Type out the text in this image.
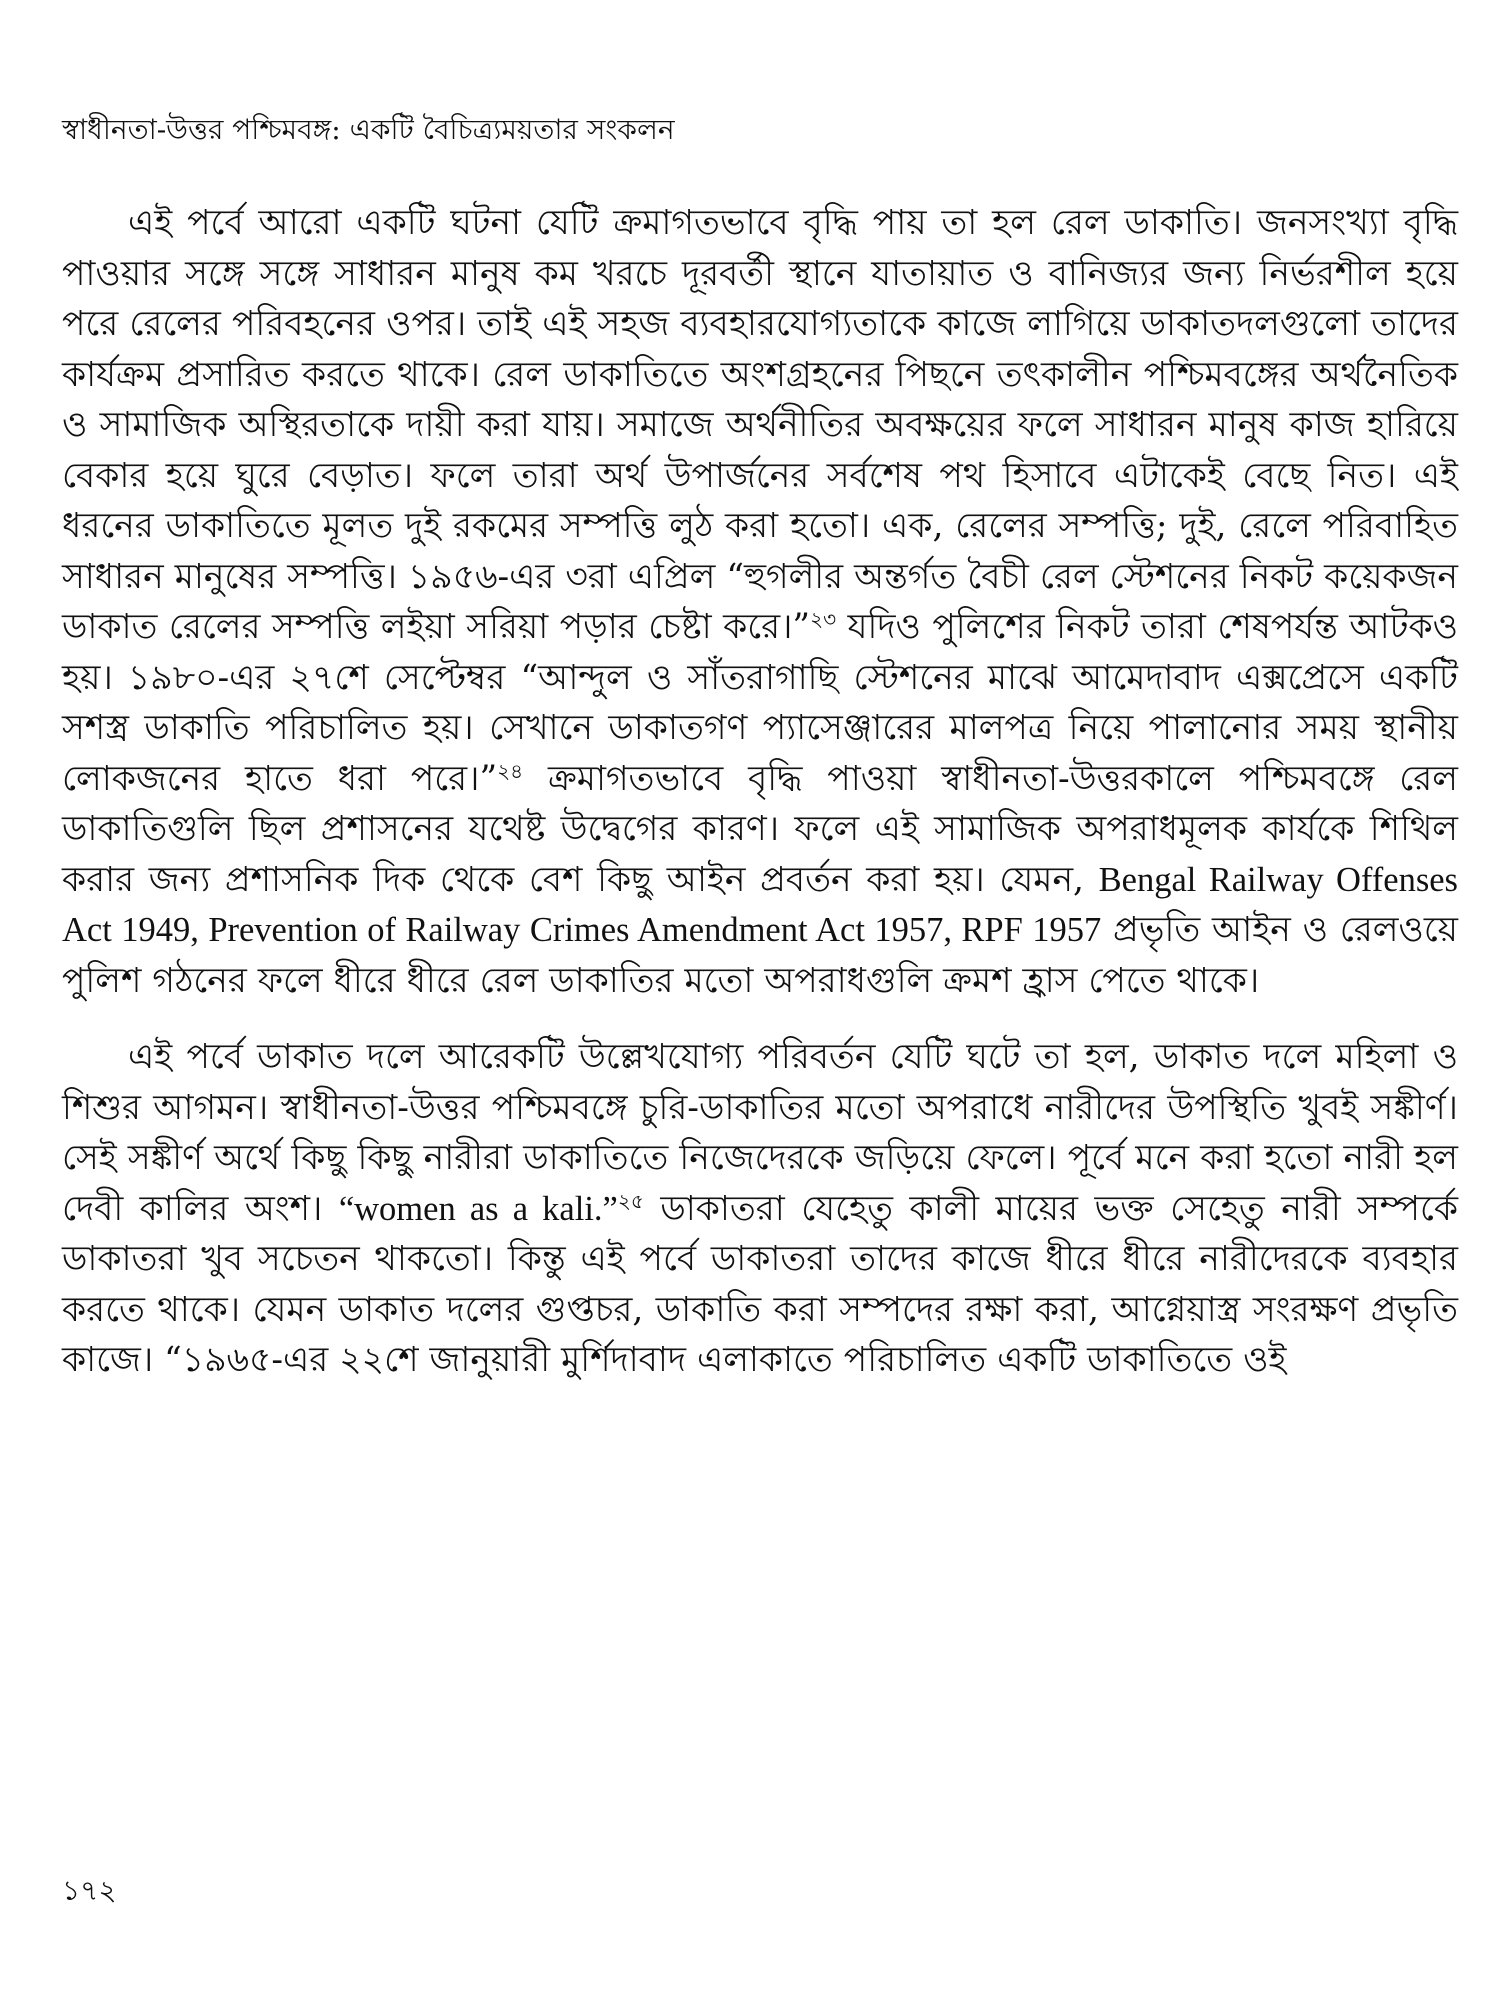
স্বাধীনতা-উত্তর পশ্চিমবঙ্গ: একটি বৈচিত্র্যময়তার সংকলন

এই পর্বে আরো একটি ঘটনা যেটি ক্রমাগতভাবে বৃদ্ধি পায় তা হল রেল ডাকাতি। জনসংখ্যা বৃদ্ধি পাওয়ার সঙ্গে সঙ্গে সাধারন মানুষ কম খরচে দূরবর্তী স্থানে যাতায়াত ও বানিজ্যর জন্য নির্ভরশীল হয়ে পরে রেলের পরিবহনের ওপর। তাই এই সহজ ব্যবহারযোগ্যতাকে কাজে লাগিয়ে ডাকাতদলগুলো তাদের কার্যক্রম প্রসারিত করতে থাকে। রেল ডাকাতিতে অংশগ্রহনের পিছনে তৎকালীন পশ্চিমবঙ্গের অর্থনৈতিক ও সামাজিক অস্থিরতাকে দায়ী করা যায়। সমাজে অর্থনীতির অবক্ষয়ের ফলে সাধারন মানুষ কাজ হারিয়ে বেকার হয়ে ঘুরে বেড়াত। ফলে তারা অর্থ উপার্জনের সর্বশেষ পথ হিসাবে এটাকেই বেছে নিত। এই ধরনের ডাকাতিতে মূলত দুই রকমের সম্পত্তি লুঠ করা হতো। এক, রেলের সম্পত্তি; দুই, রেলে পরিবাহিত সাধারন মানুষের সম্পত্তি। ১৯৫৬-এর ৩রা এপ্রিল “হুগলীর অন্তর্গত বৈচী রেল স্টেশনের নিকট কয়েকজন ডাকাত রেলের সম্পত্তি লইয়া সরিয়া পড়ার চেষ্টা করে।”$^{২৩}$ যদিও পুলিশের নিকট তারা শেষপর্যন্ত আটকও হয়। ১৯৮০-এর ২৭শে সেপ্টেম্বর “আন্দুল ও সাঁতরাগাছি স্টেশনের মাঝে আমেদাবাদ এক্সপ্রেসে একটি সশস্ত্র ডাকাতি পরিচালিত হয়। সেখানে ডাকাতগণ প্যাসেঞ্জারের মালপত্র নিয়ে পালানোর সময় স্থানীয় লোকজনের হাতে ধরা পরে।”$^{২৪}$ ক্রমাগতভাবে বৃদ্ধি পাওয়া স্বাধীনতা-উত্তরকালে পশ্চিমবঙ্গে রেল ডাকাতিগুলি ছিল প্রশাসনের যথেষ্ট উদ্বেগের কারণ। ফলে এই সামাজিক অপরাধমূলক কার্যকে শিথিল করার জন্য প্রশাসনিক দিক থেকে বেশ কিছু আইন প্রবর্তন করা হয়। যেমন, Bengal Railway Offenses Act 1949, Prevention of Railway Crimes Amendment Act 1957, RPF 1957 প্রভৃতি আইন ও রেলওয়ে পুলিশ গঠনের ফলে ধীরে ধীরে রেল ডাকাতির মতো অপরাধগুলি ক্রমশ হ্রাস পেতে থাকে।

এই পর্বে ডাকাত দলে আরেকটি উল্লেখযোগ্য পরিবর্তন যেটি ঘটে তা হল, ডাকাত দলে মহিলা ও শিশুর আগমন। স্বাধীনতা-উত্তর পশ্চিমবঙ্গে চুরি-ডাকাতির মতো অপরাধে নারীদের উপস্থিতি খুবই সঙ্কীর্ণ। সেই সঙ্কীর্ণ অর্থে কিছু কিছু নারীরা ডাকাতিতে নিজেদেরকে জড়িয়ে ফেলে। পূর্বে মনে করা হতো নারী হল দেবী কালির অংশ। “women as a kali.”$^{২৫}$ ডাকাতরা যেহেতু কালী মায়ের ভক্ত সেহেতু নারী সম্পর্কে ডাকাতরা খুব সচেতন থাকতো। কিন্তু এই পর্বে ডাকাতরা তাদের কাজে ধীরে ধীরে নারীদেরকে ব্যবহার করতে থাকে। যেমন ডাকাত দলের গুপ্তচর, ডাকাতি করা সম্পদের রক্ষা করা, আগ্নেয়াস্ত্র সংরক্ষণ প্রভৃতি কাজে। “১৯৬৫-এর ২২শে জানুয়ারী মুর্শিদাবাদ এলাকাতে পরিচালিত একটি ডাকাতিতে ওই

১৭২
